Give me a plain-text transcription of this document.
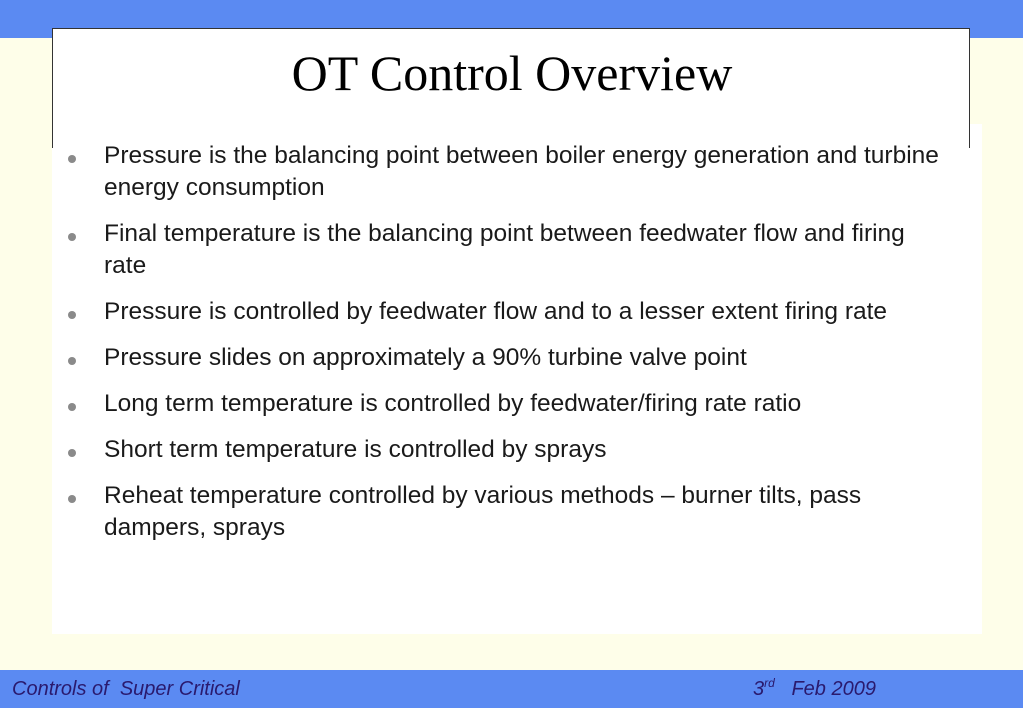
OT Control Overview
Pressure is the balancing point between boiler energy generation and turbine energy consumption
Final temperature is the balancing point between feedwater flow and firing rate
Pressure is controlled by feedwater flow and to a lesser extent firing rate
Pressure slides on approximately a 90% turbine valve point
Long term temperature is controlled by feedwater/firing rate ratio
Short term temperature is controlled by sprays
Reheat temperature controlled by various methods – burner tilts, pass dampers, sprays
Controls of  Super Critical	3rd   Feb 2009
